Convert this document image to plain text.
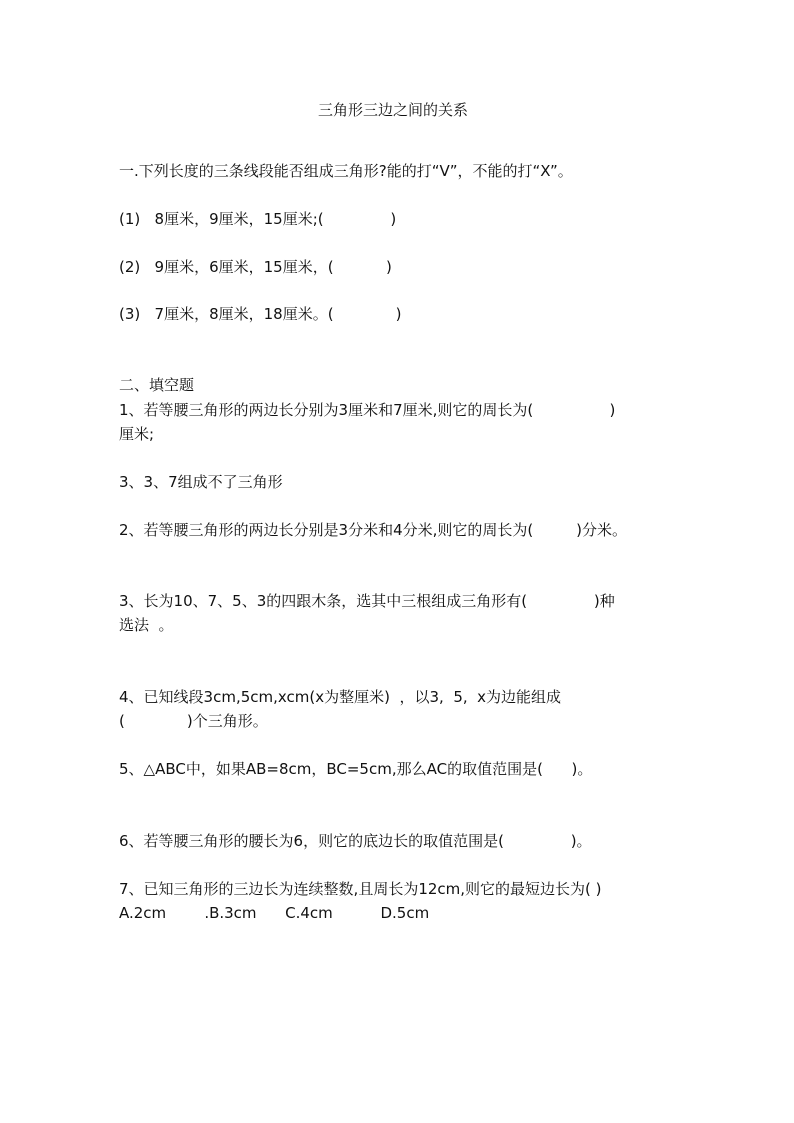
三角形三边之间的关系
一.下列长度的三条线段能否组成三角形?能的打“V”，不能的打“X”。
(1)   8厘米，9厘米，15厘米;(              )
(2)   9厘米，6厘米，15厘米，(           )
(3)   7厘米，8厘米，18厘米。(             )
二、填空题
1、若等腰三角形的两边长分别为3厘米和7厘米,则它的周长为(                )
厘米;
3、3、7组成不了三角形
2、若等腰三角形的两边长分别是3分米和4分米,则它的周长为(         )分米。
3、长为10、7、5、3的四跟木条，选其中三根组成三角形有(              )种
选法  。
4、已知线段3cm,5cm,xcm(x为整厘米)  ，以3,  5,  x为边能组成
(             )个三角形。
5、△ABC中，如果AB=8cm，BC=5cm,那么AC的取值范围是(      )。
6、若等腰三角形的腰长为6，则它的底边长的取值范围是(              )。
7、已知三角形的三边长为连续整数,且周长为12cm,则它的最短边长为( )
A.2cm        .B.3cm      C.4cm          D.5cm
